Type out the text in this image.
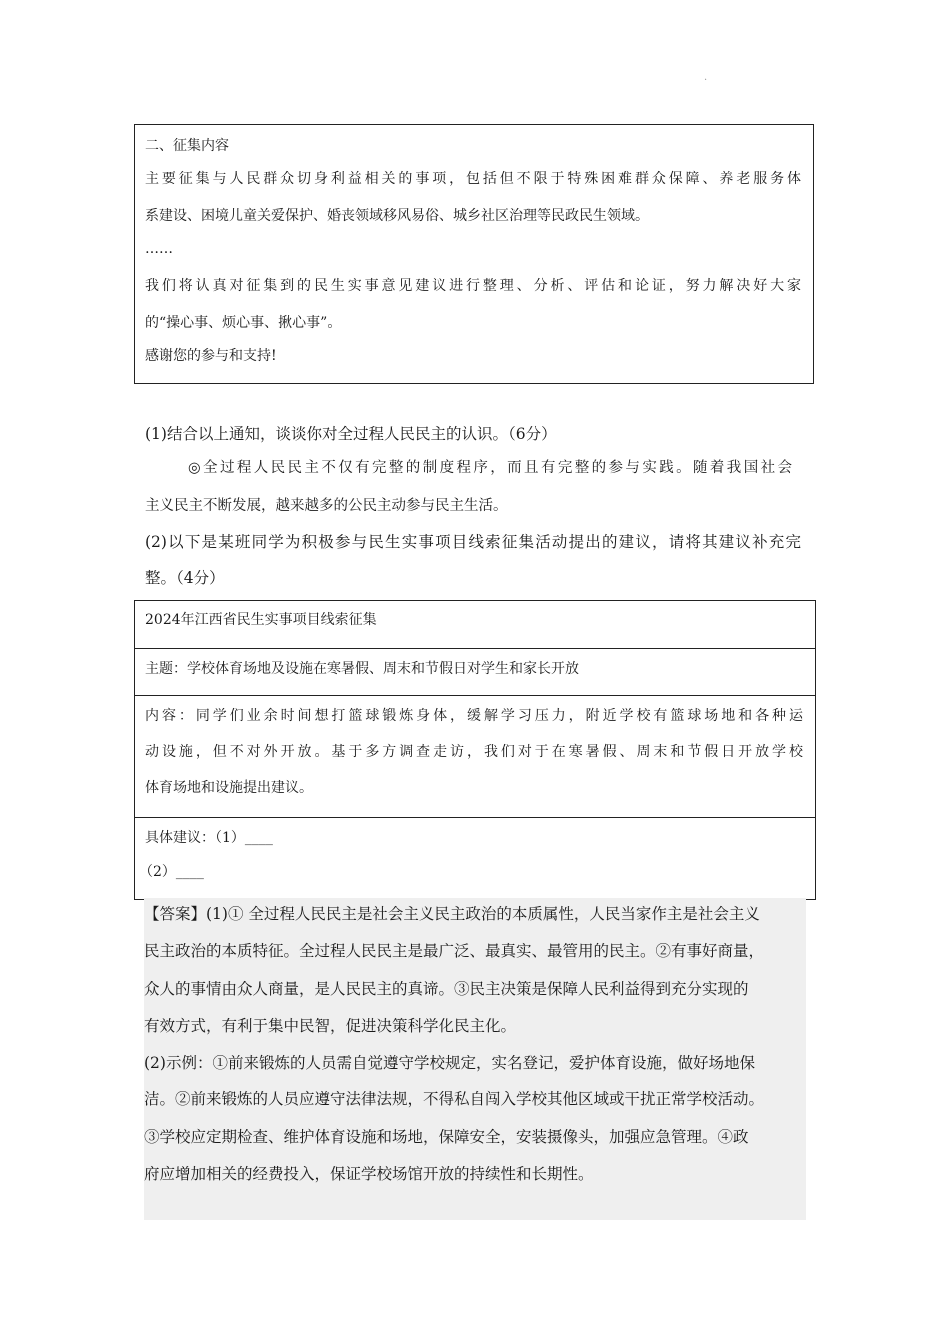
.
二、征集内容
主要征集与人民群众切身利益相关的事项，包括但不限于特殊困难群众保障、养老服务体
系建设、困境儿童关爱保护、婚丧领域移风易俗、城乡社区治理等民政民生领域。
……
我们将认真对征集到的民生实事意见建议进行整理、分析、评估和论证，努力解决好大家
的“操心事、烦心事、揪心事”。
感谢您的参与和支持!
(1)结合以上通知，谈谈你对全过程人民民主的认识。（6分）
◎全过程人民民主不仅有完整的制度程序，而且有完整的参与实践。随着我国社会
主义民主不断发展，越来越多的公民主动参与民主生活。
(2)以下是某班同学为积极参与民生实事项目线索征集活动提出的建议，请将其建议补充完
整。（4分）
2024年江西省民生实事项目线索征集
主题：学校体育场地及设施在寒暑假、周末和节假日对学生和家长开放
内容：同学们业余时间想打篮球锻炼身体，缓解学习压力，附近学校有篮球场地和各种运
动设施，但不对外开放。基于多方调查走访，我们对于在寒暑假、周末和节假日开放学校
体育场地和设施提出建议。
具体建议：（1）____
（2）____
【答案】(1)① 全过程人民民主是社会主义民主政治的本质属性，人民当家作主是社会主义
民主政治的本质特征。全过程人民民主是最广泛、最真实、最管用的民主。②有事好商量，
众人的事情由众人商量，是人民民主的真谛。③民主决策是保障人民利益得到充分实现的
有效方式，有利于集中民智，促进决策科学化民主化。
(2)示例：①前来锻炼的人员需自觉遵守学校规定，实名登记，爱护体育设施，做好场地保
洁。②前来锻炼的人员应遵守法律法规，不得私自闯入学校其他区域或干扰正常学校活动。
③学校应定期检查、维护体育设施和场地，保障安全，安装摄像头，加强应急管理。④政
府应增加相关的经费投入，保证学校场馆开放的持续性和长期性。
